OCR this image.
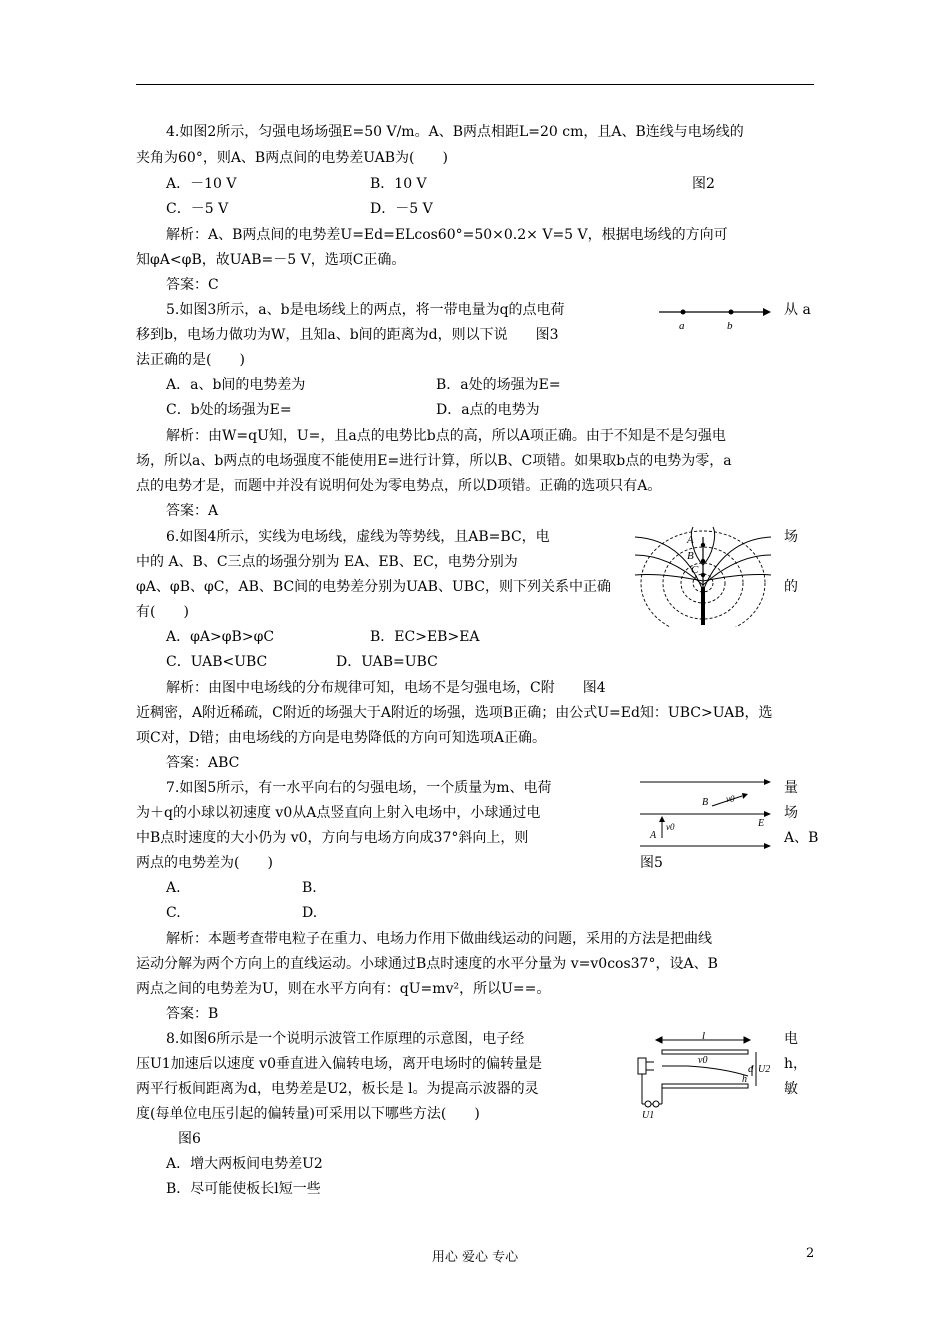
4.如图2所示，匀强电场场强E=50 V/m。A、B两点相距L=20 cm，且A、B连线与电场线的
夹角为60°，则A、B两点间的电势差UAB为(　　)
A．－10 V	B．10 V	图2
C．－5 V	D．－5 V
解析：A、B两点间的电势差U=Ed=ELcos60°=50×0.2× V=5 V，根据电场线的方向可
知φA<φB，故UAB=－5 V，选项C正确。
答案：C
5.如图3所示，a、b是电场线上的两点，将一带电量为q的点电荷	从 a
移到b，电场力做功为W，且知a、b间的距离为d，则以下说　　图3
法正确的是(　　)
a	b
A．a、b间的电势差为	B．a处的场强为E=
C．b处的场强为E=	D．a点的电势为
解析：由W=qU知，U=，且a点的电势比b点的高，所以A项正确。由于不知是不是匀强电
场，所以a、b两点的电场强度不能使用E=进行计算，所以B、C项错。如果取b点的电势为零，a
点的电势才是，而题中并没有说明何处为零电势点，所以D项错。正确的选项只有A。
答案：A
6.如图4所示，实线为电场线，虚线为等势线，且AB=BC，电
中的 A、B、C三点的场强分别为 EA、EB、EC，电势分别为
φA、φB、φC，AB、BC间的电势差分别为UAB、UBC，则下列关系中正确
有(　　)
场
的
A
B
C
A．φA>φB>φC	B．EC>EB>EA
C．UAB<UBC	D．UAB=UBC
解析：由图中电场线的分布规律可知，电场不是匀强电场，C附　　图4
近稠密，A附近稀疏，C附近的场强大于A附近的场强，选项B正确；由公式U=Ed知：UBC>UAB，选
项C对，D错；由电场线的方向是电势降低的方向可知选项A正确。
答案：ABC
7.如图5所示，有一水平向右的匀强电场，一个质量为m、电荷
为＋q的小球以初速度 v0从A点竖直向上射入电场中，小球通过电
中B点时速度的大小仍为 v0，方向与电场方向成37°斜向上，则
两点的电势差为(　　)
量
场
A、B
B v0
E
A
v0
图5
A.	B.
C.	D.
解析：本题考查带电粒子在重力、电场力作用下做曲线运动的问题，采用的方法是把曲线
运动分解为两个方向上的直线运动。小球通过B点时速度的水平分量为 v=v0cos37°，设A、B
两点之间的电势差为U，则在水平方向有：qU=mv²，所以U==。
答案：B
8.如图6所示是一个说明示波管工作原理的示意图，电子经
压U1加速后以速度 v0垂直进入偏转电场，离开电场时的偏转量是
两平行板间距离为d，电势差是U2，板长是 l。为提高示波器的灵
度(每单位电压引起的偏转量)可采用以下哪些方法(　　)
电
h，
敏
l
v0
d U2
h
U1
图6
A．增大两板间电势差U2
B．尽可能使板长l短一些
用心 爱心 专心	2
